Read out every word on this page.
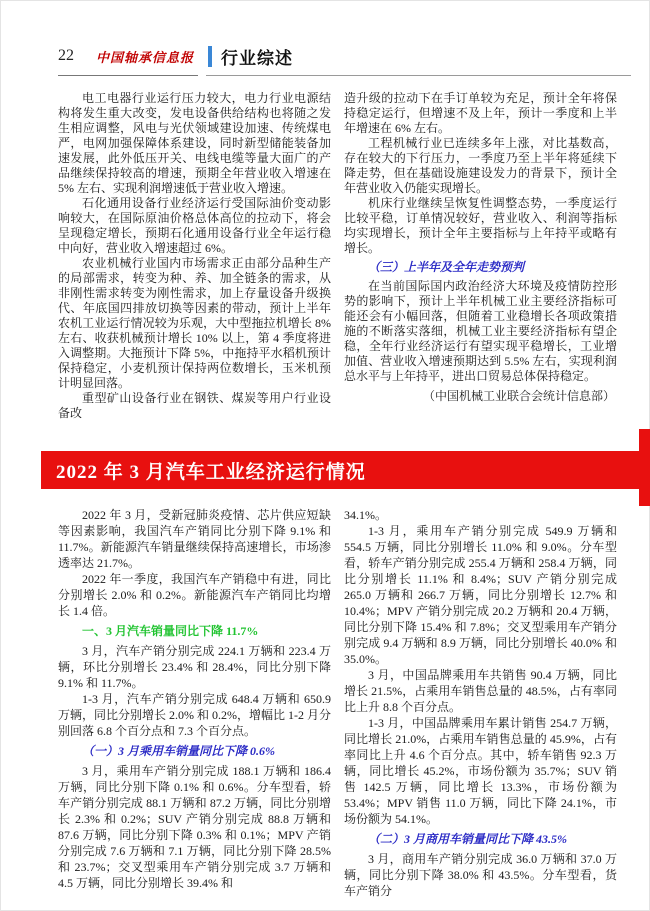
22 中国轴承信息报 行业综述

电工电器行业运行压力较大，电力行业电源结构将发生重大改变，发电设备供给结构也将随之发生相应调整，风电与光伏领域建设加速、传统煤电严，电网加强保障体系建设，同时新型储能装备加速发展，此外低压开关、电线电缆等量大面广的产品继续保持较高的增速，预期全年营业收入增速在 5% 左右、实现利润增速低于营业收入增速。

石化通用设备行业经济运行受国际油价变动影响较大，在国际原油价格总体高位的拉动下，将会呈现稳定增长，预期石化通用设备行业全年运行稳中向好，营业收入增速超过 6%。

农业机械行业国内市场需求正由部分品种生产的局部需求，转变为种、养、加全链条的需求，从非刚性需求转变为刚性需求，加上存量设备升级换代、年底国四排放切换等因素的带动，预计上半年农机工业运行情况较为乐观，大中型拖拉机增长 8% 左右、收获机械预计增长 10% 以上，第 4 季度将进入调整期。大拖预计下降 5%，中拖持平水稻机预计保持稳定，小麦机预计保持两位数增长，玉米机预计明显回落。

重型矿山设备行业在钢铁、煤炭等用户行业设备改

造升级的拉动下在手订单较为充足，预计全年将保持稳定运行，但增速不及上年，预计一季度和上半年增速在 6% 左右。

工程机械行业已连续多年上涨，对比基数高，存在较大的下行压力，一季度乃至上半年将延续下降走势，但在基础设施建设发力的背景下，预计全年营业收入仍能实现增长。

机床行业继续呈恢复性调整态势，一季度运行比较平稳，订单情况较好，营业收入、利润等指标均实现增长，预计全年主要指标与上年持平或略有增长。

（三）上半年及全年走势预判

在当前国际国内政治经济大环境及疫情防控形势的影响下，预计上半年机械工业主要经济指标可能还会有小幅回落，但随着工业稳增长各项政策措施的不断落实落细，机械工业主要经济指标有望企稳，全年行业经济运行有望实现平稳增长，工业增加值、营业收入增速预期达到 5.5% 左右，实现利润总水平与上年持平，进出口贸易总体保持稳定。

（中国机械工业联合会统计信息部）

2022 年 3 月汽车工业经济运行情况

2022 年 3 月，受新冠肺炎疫情、芯片供应短缺等因素影响，我国汽车产销同比分别下降 9.1% 和 11.7%。新能源汽车销量继续保持高速增长，市场渗透率达 21.7%。

2022 年一季度，我国汽车产销稳中有进，同比分别增长 2.0% 和 0.2%。新能源汽车产销同比均增长 1.4 倍。

一、3 月汽车销量同比下降 11.7%

3 月，汽车产销分别完成 224.1 万辆和 223.4 万辆，环比分别增长 23.4% 和 28.4%，同比分别下降 9.1% 和 11.7%。

1-3 月，汽车产销分别完成 648.4 万辆和 650.9 万辆，同比分别增长 2.0% 和 0.2%，增幅比 1-2 月分别回落 6.8 个百分点和 7.3 个百分点。

（一）3 月乘用车销量同比下降 0.6%

3 月，乘用车产销分别完成 188.1 万辆和 186.4 万辆，同比分别下降 0.1% 和 0.6%。分车型看，轿车产销分别完成 88.1 万辆和 87.2 万辆，同比分别增长 2.3% 和 0.2%；SUV 产销分别完成 88.8 万辆和 87.6 万辆，同比分别下降 0.3% 和 0.1%；MPV 产销分别完成 7.6 万辆和 7.1 万辆，同比分别下降 28.5% 和 23.7%；交叉型乘用车产销分别完成 3.7 万辆和 4.5 万辆，同比分别增长 39.4% 和

34.1%。

1-3 月，乘用车产销分别完成 549.9 万辆和 554.5 万辆，同比分别增长 11.0% 和 9.0%。分车型看，轿车产销分别完成 255.4 万辆和 258.4 万辆，同比分别增长 11.1% 和 8.4%；SUV 产销分别完成 265.0 万辆和 266.7 万辆，同比分别增长 12.7% 和 10.4%；MPV 产销分别完成 20.2 万辆和 20.4 万辆，同比分别下降 15.4% 和 7.8%；交叉型乘用车产销分别完成 9.4 万辆和 8.9 万辆，同比分别增长 40.0% 和 35.0%。

3 月，中国品牌乘用车共销售 90.4 万辆，同比增长 21.5%，占乘用车销售总量的 48.5%，占有率同比上升 8.8 个百分点。

1-3 月，中国品牌乘用车累计销售 254.7 万辆，同比增长 21.0%，占乘用车销售总量的 45.9%，占有率同比上升 4.6 个百分点。其中，轿车销售 92.3 万辆，同比增长 45.2%，市场份额为 35.7%；SUV 销售 142.5 万辆，同比增长 13.3%，市场份额为 53.4%；MPV 销售 11.0 万辆，同比下降 24.1%，市场份额为 54.1%。

（二）3 月商用车销量同比下降 43.5%

3 月，商用车产销分别完成 36.0 万辆和 37.0 万辆，同比分别下降 38.0% 和 43.5%。分车型看，货车产销分
